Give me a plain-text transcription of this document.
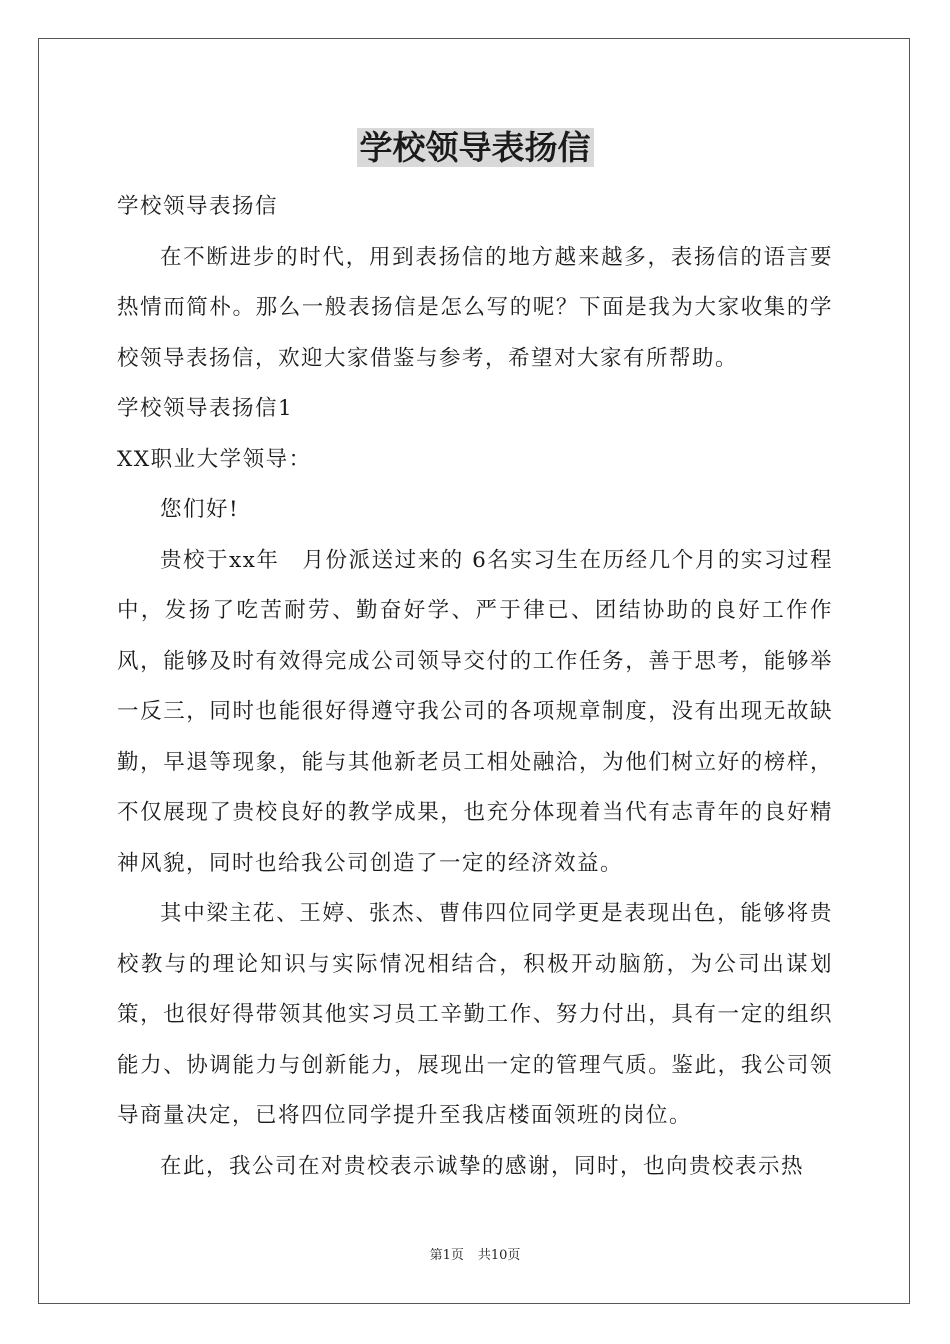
学校领导表扬信

学校领导表扬信

在不断进步的时代，用到表扬信的地方越来越多，表扬信的语言要热情而简朴。那么一般表扬信是怎么写的呢？下面是我为大家收集的学校领导表扬信，欢迎大家借鉴与参考，希望对大家有所帮助。

学校领导表扬信1

XX职业大学领导：

您们好!

贵校于xx年　月份派送过来的 6名实习生在历经几个月的实习过程中，发扬了吃苦耐劳、勤奋好学、严于律已、团结协助的良好工作作风，能够及时有效得完成公司领导交付的工作任务，善于思考，能够举一反三，同时也能很好得遵守我公司的各项规章制度，没有出现无故缺勤，早退等现象，能与其他新老员工相处融洽，为他们树立好的榜样，不仅展现了贵校良好的教学成果，也充分体现着当代有志青年的良好精神风貌，同时也给我公司创造了一定的经济效益。

其中梁主花、王婷、张杰、曹伟四位同学更是表现出色，能够将贵校教与的理论知识与实际情况相结合，积极开动脑筋，为公司出谋划策，也很好得带领其他实习员工辛勤工作、努力付出，具有一定的组织能力、协调能力与创新能力，展现出一定的管理气质。鉴此，我公司领导商量决定，已将四位同学提升至我店楼面领班的岗位。

在此，我公司在对贵校表示诚挚的感谢，同时，也向贵校表示热

第1页 共10页
